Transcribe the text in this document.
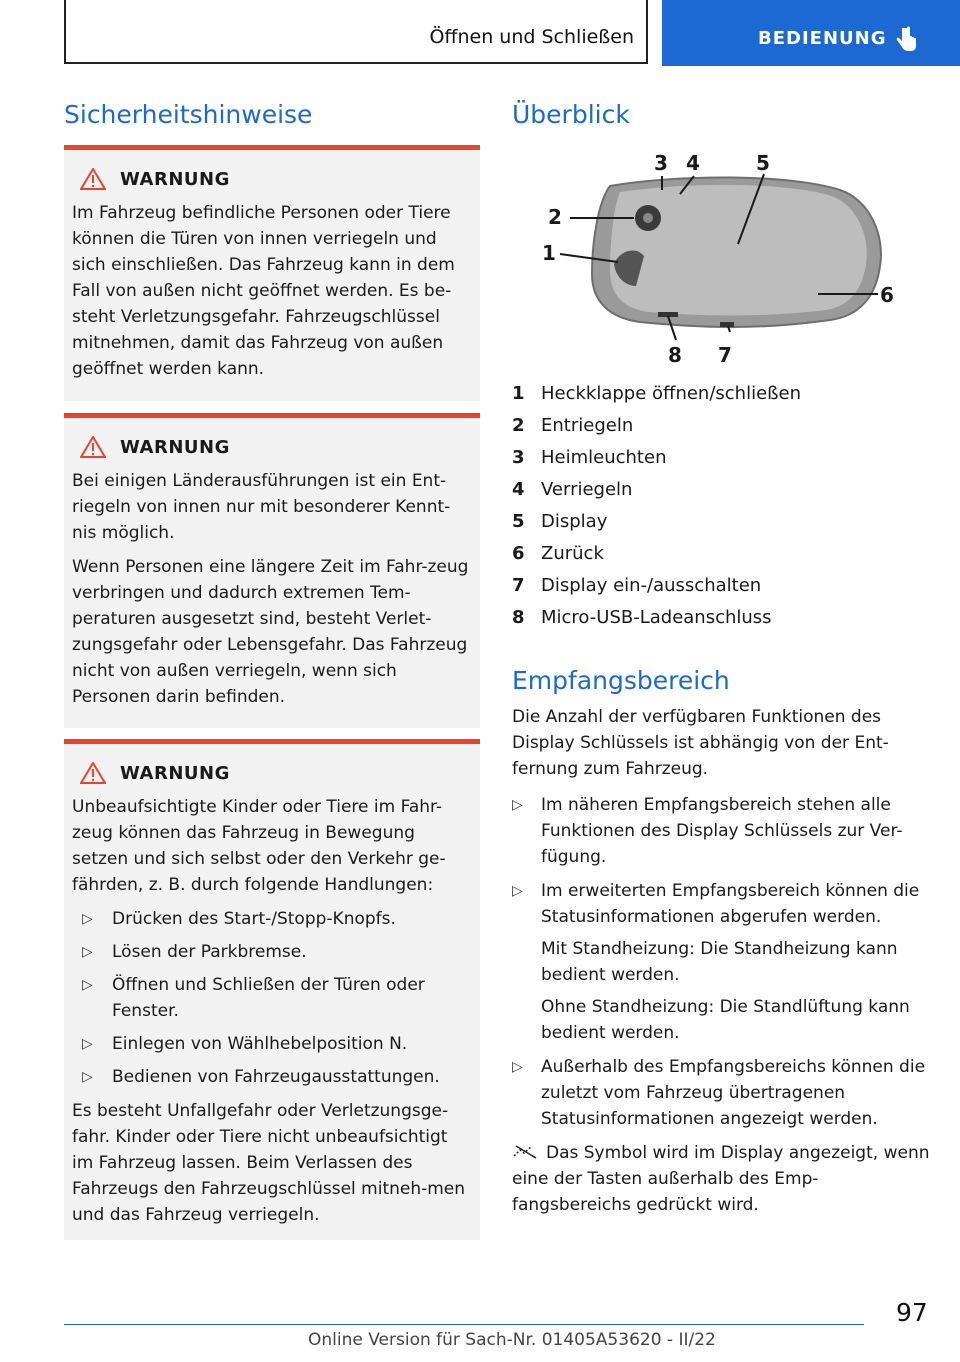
Öffnen und Schließen	BEDIENUNG
Sicherheitshinweise
WARNUNG

Im Fahrzeug befindliche Personen oder Tiere können die Türen von innen verriegeln und sich einschließen. Das Fahrzeug kann in dem Fall von außen nicht geöffnet werden. Es be-steht Verletzungsgefahr. Fahrzeugschlüssel mitnehmen, damit das Fahrzeug von außen geöffnet werden kann.

WARNUNG

Bei einigen Länderausführungen ist ein Ent-riegeln von innen nur mit besonderer Kennt-nis möglich.

Wenn Personen eine längere Zeit im Fahr-zeug verbringen und dadurch extremen Tem-peraturen ausgesetzt sind, besteht Verlet-zungsgefahr oder Lebensgefahr. Das Fahrzeug nicht von außen verriegeln, wenn sich Personen darin befinden.

WARNUNG

Unbeaufsichtigte Kinder oder Tiere im Fahr-zeug können das Fahrzeug in Bewegung setzen und sich selbst oder den Verkehr ge-fährden, z. B. durch folgende Handlungen:

▷ Drücken des Start-/Stopp-Knopfs.
▷ Lösen der Parkbremse.
▷ Öffnen und Schließen der Türen oder Fenster.
▷ Einlegen von Wählhebelposition N.
▷ Bedienen von Fahrzeugausstattungen.

Es besteht Unfallgefahr oder Verletzungsge-fahr. Kinder oder Tiere nicht unbeaufsichtigt im Fahrzeug lassen. Beim Verlassen des Fahrzeugs den Fahrzeugschlüssel mitneh-men und das Fahrzeug verriegeln.

Überblick
1
2
3 4	5
6
7
8
1 Heckklappe öffnen/schließen
2 Entriegeln
3 Heimleuchten
4 Verriegeln
5 Display
6 Zurück
7 Display ein-/ausschalten
8 Micro-USB-Ladeanschluss
Empfangsbereich

Die Anzahl der verfügbaren Funktionen des Display Schlüssels ist abhängig von der Ent-fernung zum Fahrzeug.

▷ Im näheren Empfangsbereich stehen alle Funktionen des Display Schlüssels zur Ver-fügung.

▷ Im erweiterten Empfangsbereich können die Statusinformationen abgerufen werden.

Mit Standheizung: Die Standheizung kann bedient werden.

Ohne Standheizung: Die Standlüftung kann bedient werden.

▷ Außerhalb des Empfangsbereichs können die zuletzt vom Fahrzeug übertragenen Statusinformationen angezeigt werden.

Das Symbol wird im Display angezeigt, wenn eine der Tasten außerhalb des Emp-fangsbereichs gedrückt wird.

97
Online Version für Sach-Nr. 01405A53620 - II/22
